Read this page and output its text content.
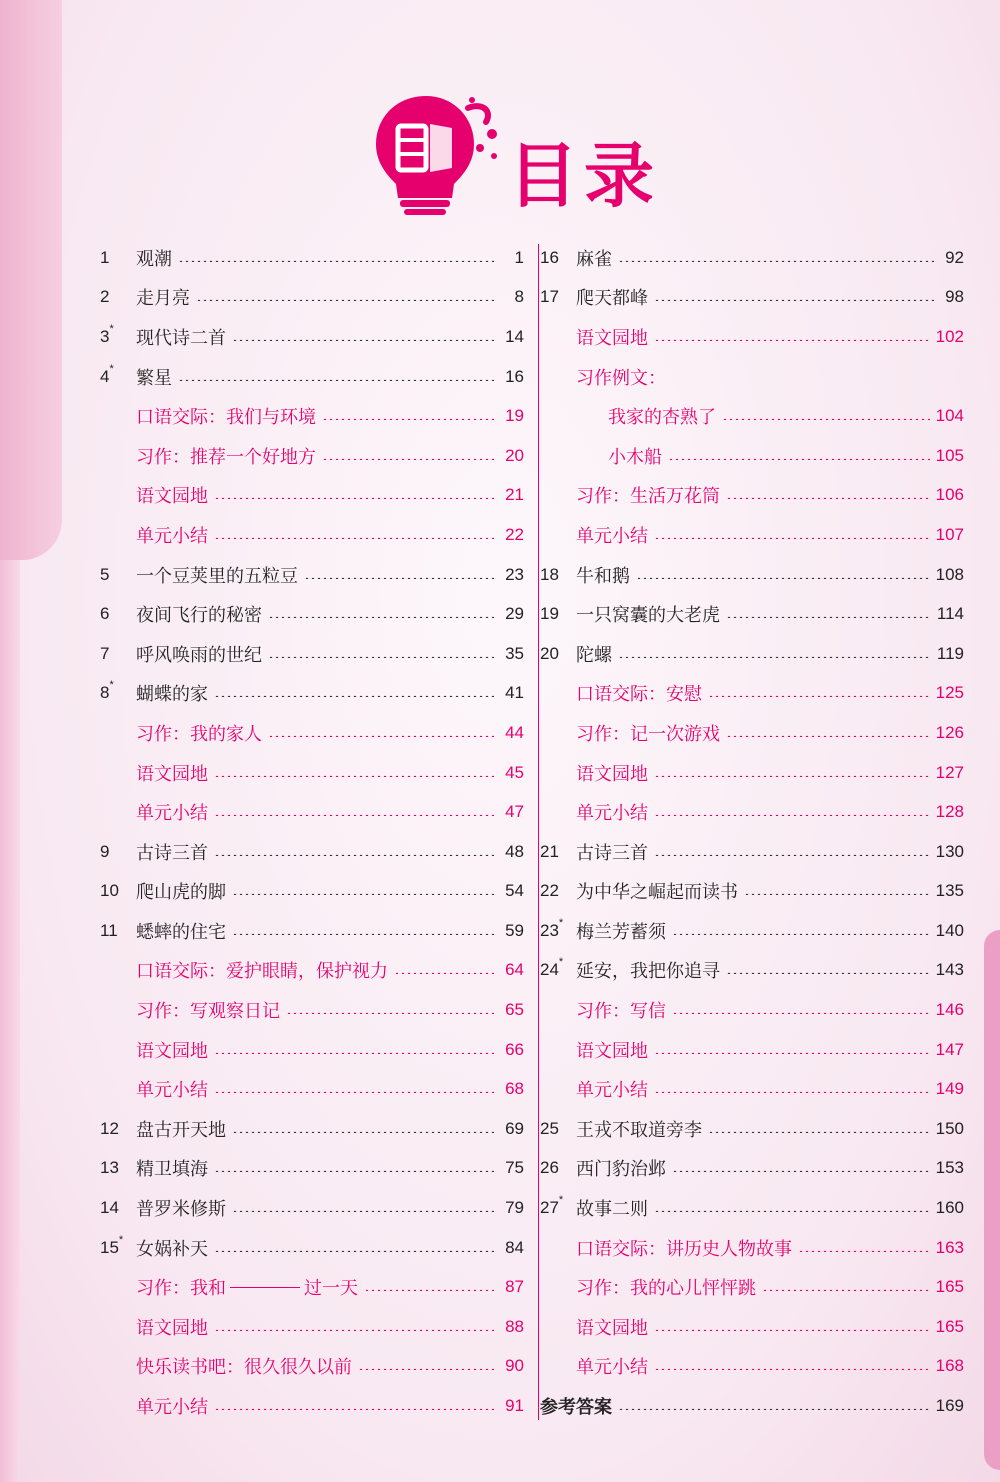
目录
1	观潮	1
2	走月亮	8
3 * 现代诗二首	14
4 * 繁星	16
口语交际：我们与环境	19
习作：推荐一个好地方	20
语文园地	21
单元小结	22
5	一个豆荚里的五粒豆	23
6	夜间飞行的秘密	29
7	呼风唤雨的世纪	35
8 * 蝴蝶的家	41
习作：我的家人	44
语文园地	45
单元小结	47
9	古诗三首	48
10 爬山虎的脚	54
11	蟋蟀的住宅	59
口语交际：爱护眼睛，保护视力	64
习作：写观察日记	65
语文园地	66
单元小结	68
12 盘古开天地	69
13 精卫填海	75
14 普罗米修斯	79
15 * 女娲补天	84
习作：我和	过一天	87
语文园地	88
快乐读书吧：很久很久以前	90
单元小结	91
16 麻雀	92
17 爬天都峰	98
语文园地	102
习作例文：
我家的杏熟了	104
小木船	105
习作：生活万花筒	106
单元小结	107
18 牛和鹅	108
19 一只窝囊的大老虎	114
20 陀螺	119
口语交际：安慰	125
习作：记一次游戏	126
语文园地	127
单元小结	128
21 古诗三首	130
22 为中华之崛起而读书	135
23 * 梅兰芳蓄须	140
24 * 延安，我把你追寻	143
习作：写信	146
语文园地	147
单元小结	149
25 王戎不取道旁李	150
26 西门豹治邺	153
27 * 故事二则	160
口语交际：讲历史人物故事	163
习作：我的心儿怦怦跳	165
语文园地	165
单元小结	168
参考答案	169
